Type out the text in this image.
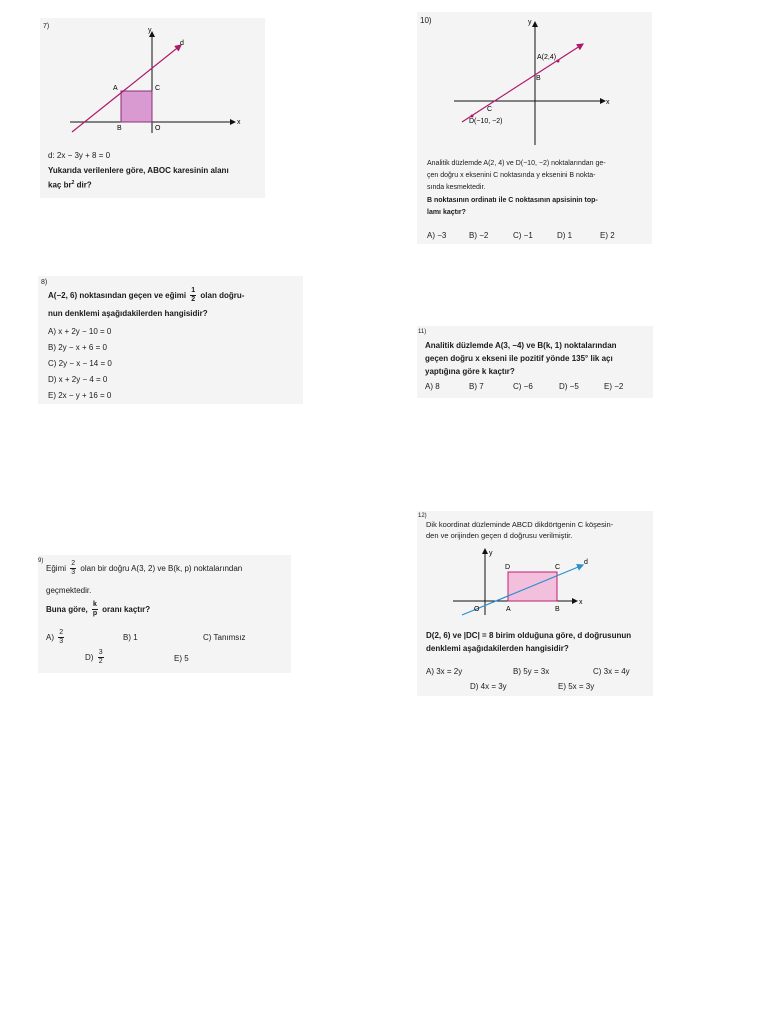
7)
y
d
A	C
x
B	O
d: 2x − 3y + 8 = 0
Yukarıda verilenlere göre, ABOC karesinin alanı
kaç $br^2$ dir?
10)	y
A(2,4)
B
x
C
D(−10, −2)
Analitik düzlemde A(2, 4) ve D(−10, −2) noktalarından ge-
çen doğru x eksenini C noktasında y eksenini B nokta-
sında kesmektedir.
B noktasının ordinatı ile C noktasının apsisinin top-
lamı kaçtır?
A) −3	B) −2	C) −1	D) 1	E) 2
8)
A(−2, 6) noktasından geçen ve eğimi $\frac{1}{2}$ olan doğru-
nun denklemi aşağıdakilerden hangisidir?
A) x + 2y − 10 = 0
B) 2y − x + 6 = 0
C) 2y − x − 14 = 0
D) x + 2y − 4 = 0
E) 2x − y + 16 = 0
11)
Analitik düzlemde A(3, −4) ve B(k, 1) noktalarından
geçen doğru x ekseni ile pozitif yönde 135° lik açı
yaptığına göre k kaçtır?
A) 8	B) 7	C) −6	D) −5	E) −2
12)
Dik koordinat düzleminde ABCD dikdörtgenin C köşesin-
den ve orijinden geçen d doğrusu verilmiştir.
y
d
D	C
x
O	A	B
D(2, 6) ve |DC| = 8 birim olduğuna göre, d doğrusunun
denklemi aşağıdakilerden hangisidir?
A) 3x = 2y	B) 5y = 3x	C) 3x = 4y
D) 4x = 3y	E) 5x = 3y
9)
Eğimi $\frac{2}{3}$ olan bir doğru A(3, 2) ve B(k, p) noktalarından
geçmektedir.
Buna göre, $\frac{k}{p}$ oranı kaçtır?
$A) \frac{2}{3}$	B) 1	C) Tanımsız
$D) \frac{3}{2}$	E) 5
